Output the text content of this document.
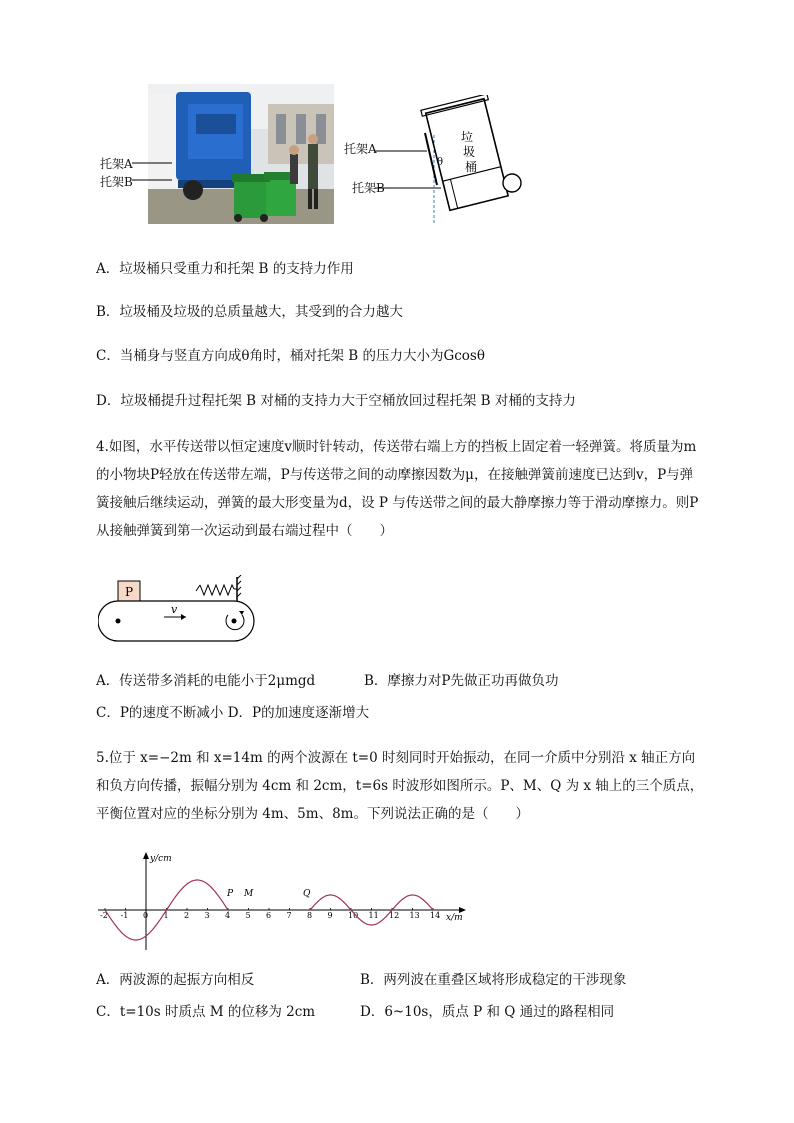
托架A
托架B
托架A
托架B
θ
垃
圾
桶
A．垃圾桶只受重力和托架 B 的支持力作用
B．垃圾桶及垃圾的总质量越大，其受到的合力越大
C．当桶身与竖直方向成θ角时，桶对托架 B 的压力大小为Gcosθ
D．垃圾桶提升过程托架 B 对桶的支持力大于空桶放回过程托架 B 对桶的支持力
4.如图，水平传送带以恒定速度v顺时针转动，传送带右端上方的挡板上固定着一轻弹簧。将质量为m的小物块P轻放在传送带左端，P与传送带之间的动摩擦因数为μ，在接触弹簧前速度已达到v，P与弹簧接触后继续运动，弹簧的最大形变量为d，设 P 与传送带之间的最大静摩擦力等于滑动摩擦力。则P从接触弹簧到第一次运动到最右端过程中（　　）
P
v
A．传送带多消耗的电能小于2μmgd	B．摩擦力对P先做正功再做负功
C．P的速度不断减小 D．P的加速度逐渐增大
5.位于 x=−2m 和 x=14m 的两个波源在 t=0 时刻同时开始振动，在同一介质中分别沿 x 轴正方向和负方向传播，振幅分别为 4cm 和 2cm，t=6s 时波形如图所示。P、M、Q 为 x 轴上的三个质点，平衡位置对应的坐标分别为 4m、5m、8m。下列说法正确的是（　　）
y/cm
x/m
-2 -1 0 1 2 3 4 5 6 7 8 9 10 11 12 13 14
P M	Q
A．两波源的起振方向相反	B．两列波在重叠区域将形成稳定的干涉现象
C．t=10s 时质点 M 的位移为 2cm	D．6~10s，质点 P 和 Q 通过的路程相同
